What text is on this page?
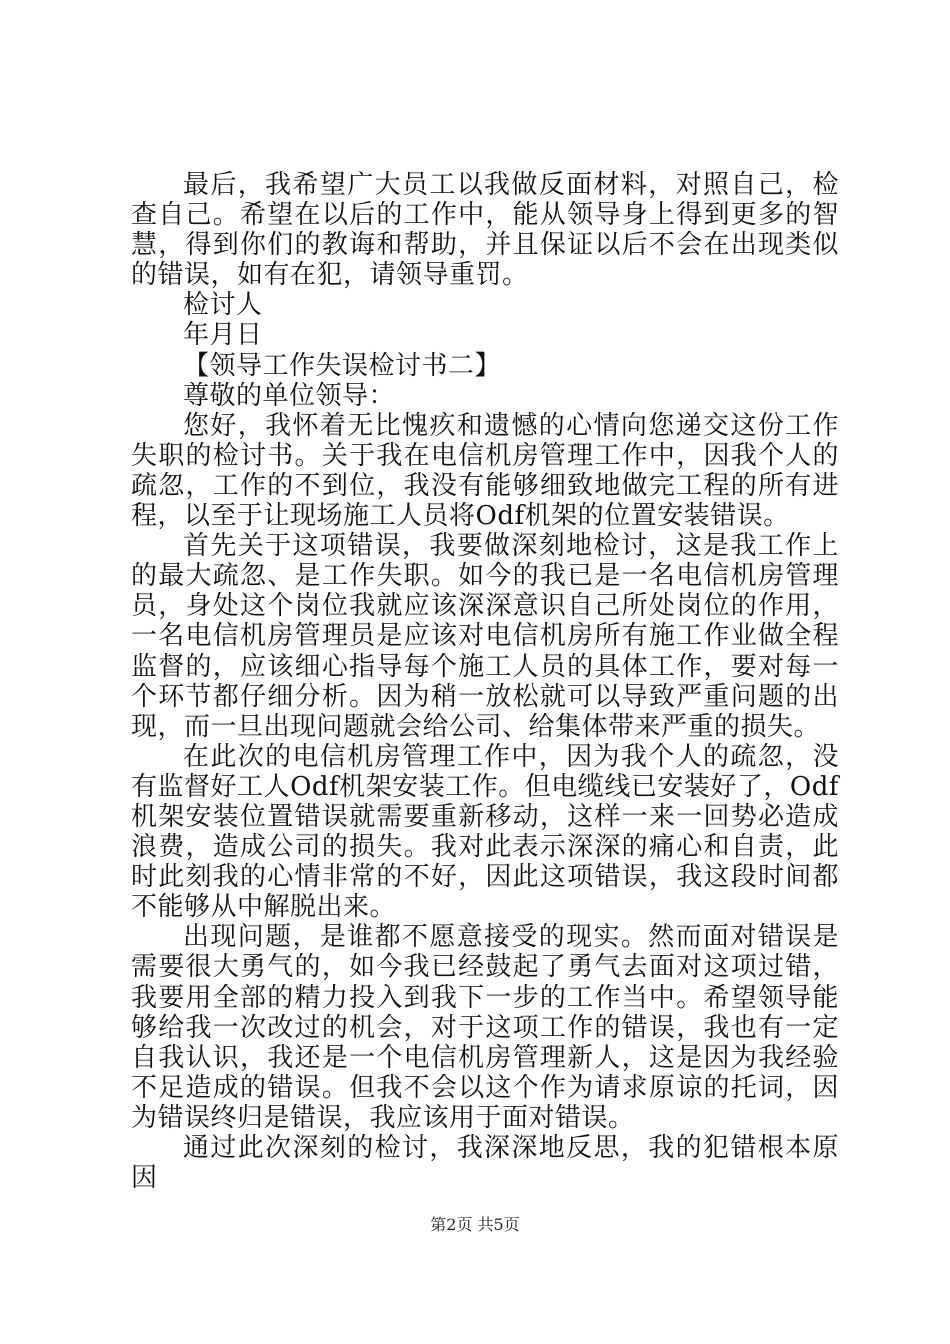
最后，我希望广大员工以我做反面材料，对照自己，检查自己。希望在以后的工作中，能从领导身上得到更多的智慧，得到你们的教诲和帮助，并且保证以后不会在出现类似的错误，如有在犯，请领导重罚。

检讨人

年月日

【领导工作失误检讨书二】

尊敬的单位领导：

您好，我怀着无比愧疚和遗憾的心情向您递交这份工作失职的检讨书。关于我在电信机房管理工作中，因我个人的疏忽，工作的不到位，我没有能够细致地做完工程的所有进程，以至于让现场施工人员将Odf机架的位置安装错误。

首先关于这项错误，我要做深刻地检讨，这是我工作上的最大疏忽、是工作失职。如今的我已是一名电信机房管理员，身处这个岗位我就应该深深意识自己所处岗位的作用，一名电信机房管理员是应该对电信机房所有施工作业做全程监督的，应该细心指导每个施工人员的具体工作，要对每一个环节都仔细分析。因为稍一放松就可以导致严重问题的出现，而一旦出现问题就会给公司、给集体带来严重的损失。

在此次的电信机房管理工作中，因为我个人的疏忽，没有监督好工人Odf机架安装工作。但电缆线已安装好了，Odf机架安装位置错误就需要重新移动，这样一来一回势必造成浪费，造成公司的损失。我对此表示深深的痛心和自责，此时此刻我的心情非常的不好，因此这项错误，我这段时间都不能够从中解脱出来。

出现问题，是谁都不愿意接受的现实。然而面对错误是需要很大勇气的，如今我已经鼓起了勇气去面对这项过错，我要用全部的精力投入到我下一步的工作当中。希望领导能够给我一次改过的机会，对于这项工作的错误，我也有一定自我认识，我还是一个电信机房管理新人，这是因为我经验不足造成的错误。但我不会以这个作为请求原谅的托词，因为错误终归是错误，我应该用于面对错误。

通过此次深刻的检讨，我深深地反思，我的犯错根本原因

第2页 共5页
